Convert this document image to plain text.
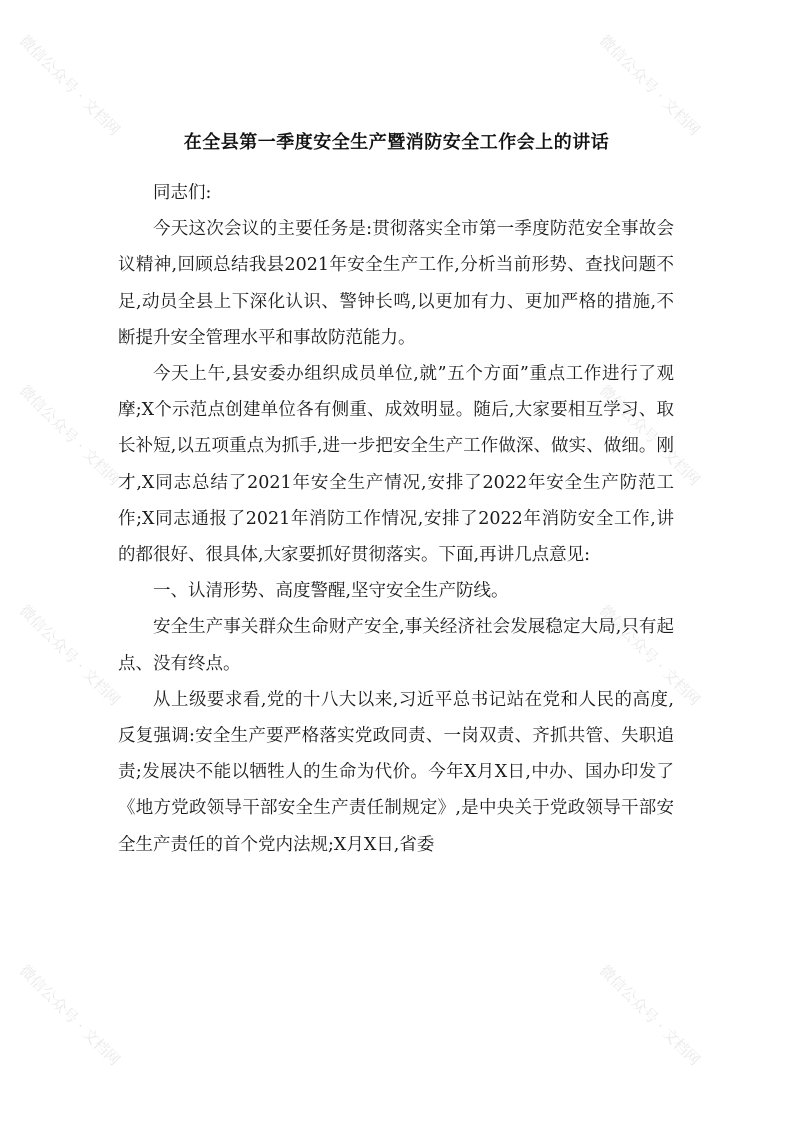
微信公众号 · 文档网	微信公众号 · 文档网
微信公众号 · 文档网	微信公众号 · 文档网
微信公众号 · 文档网	微信公众号 · 文档网
微信公众号 · 文档网	微信公众号 · 文档网
在全县第一季度安全生产暨消防安全工作会上的讲话

同志们:

今天这次会议的主要任务是:贯彻落实全市第一季度防范安全事故会议精神,回顾总结我县2021年安全生产工作,分析当前形势、查找问题不足,动员全县上下深化认识、警钟长鸣,以更加有力、更加严格的措施,不断提升安全管理水平和事故防范能力。

今天上午,县安委办组织成员单位,就”五个方面”重点工作进行了观摩;X个示范点创建单位各有侧重、成效明显。随后,大家要相互学习、取长补短,以五项重点为抓手,进一步把安全生产工作做深、做实、做细。刚才,X同志总结了2021年安全生产情况,安排了2022年安全生产防范工作;X同志通报了2021年消防工作情况,安排了2022年消防安全工作,讲的都很好、很具体,大家要抓好贯彻落实。下面,再讲几点意见:

一、认清形势、高度警醒,坚守安全生产防线。

安全生产事关群众生命财产安全,事关经济社会发展稳定大局,只有起点、没有终点。

从上级要求看,党的十八大以来,习近平总书记站在党和人民的高度,反复强调:安全生产要严格落实党政同责、一岗双责、齐抓共管、失职追责;发展决不能以牺牲人的生命为代价。今年X月X日,中办、国办印发了《地方党政领导干部安全生产责任制规定》,是中央关于党政领导干部安全生产责任的首个党内法规;X月X日,省委
